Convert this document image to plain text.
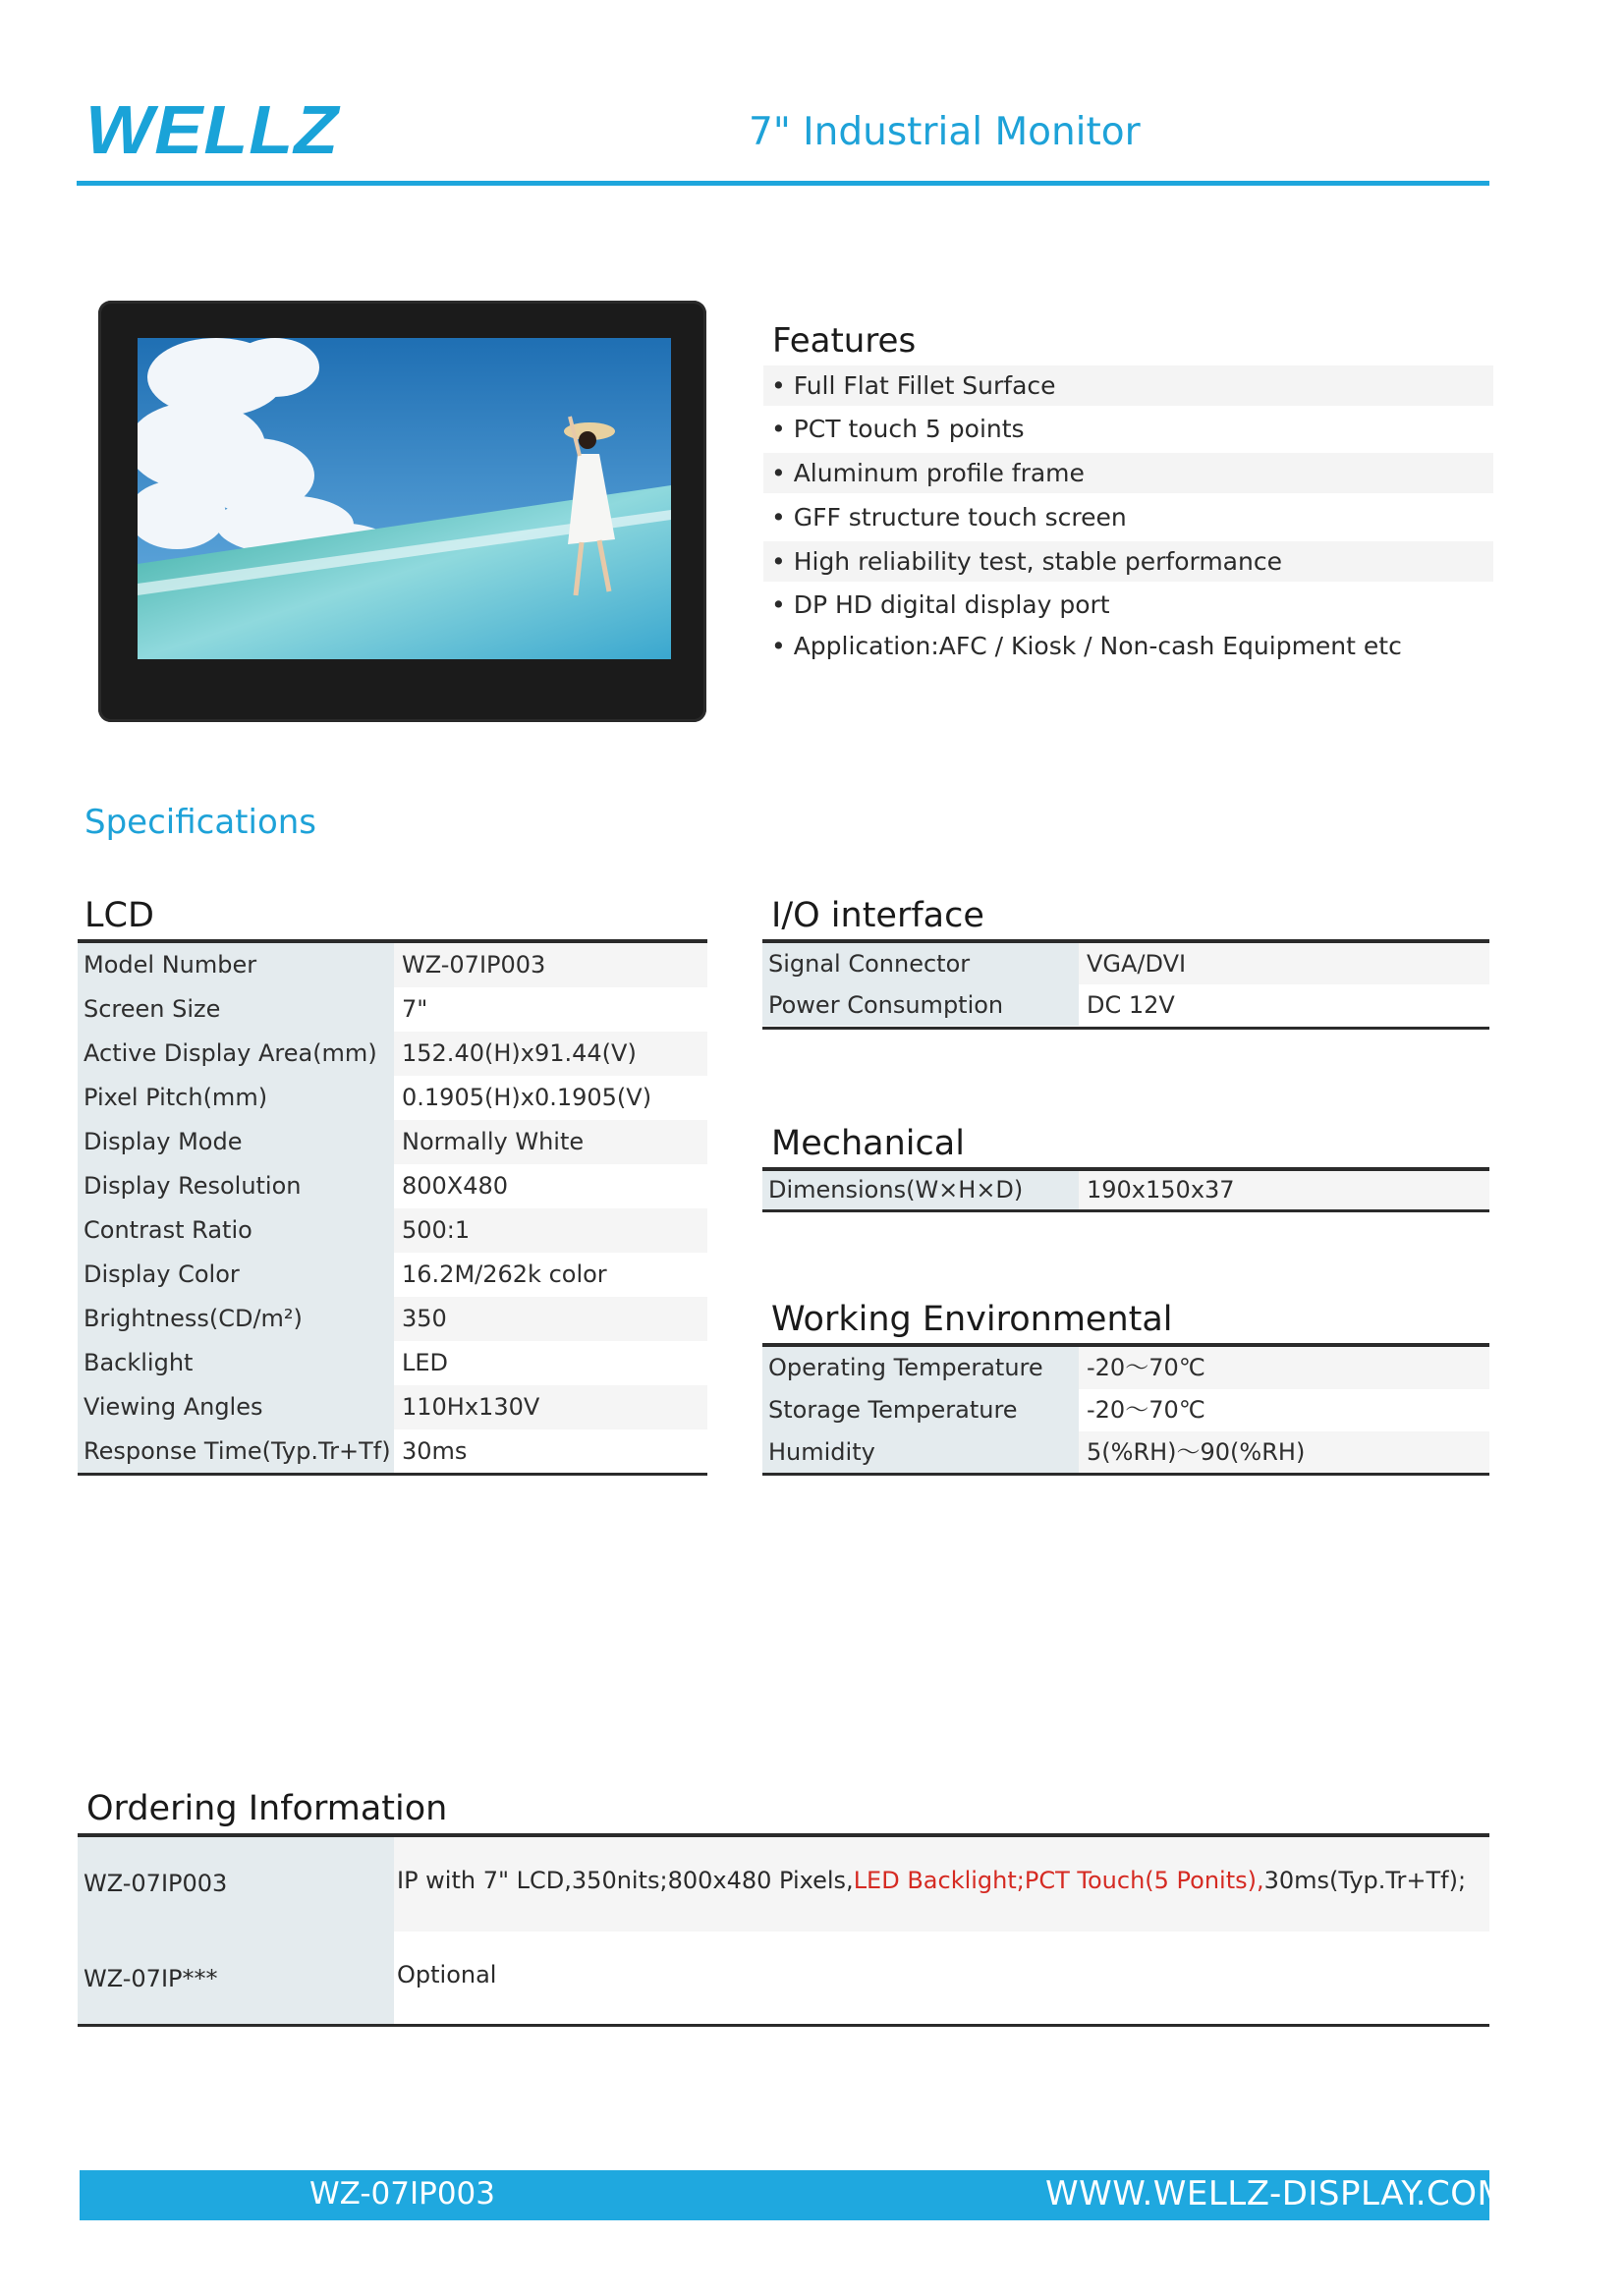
WELLZ	7" Industrial Monitor
Features
• Full Flat Fillet Surface
• PCT touch 5 points
• Aluminum profile frame
• GFF structure touch screen
• High reliability test, stable performance
• DP HD digital display port
• Application:AFC / Kiosk / Non-cash Equipment etc
Specifications
LCD
Model Number	WZ-07IP003
Screen Size	7"
Active Display Area(mm)	152.40(H)x91.44(V)
Pixel Pitch(mm)	0.1905(H)x0.1905(V)
Display Mode	Normally White
Display Resolution	800X480
Contrast Ratio	500:1
Display Color	16.2M/262k color
Brightness(CD/m²)	350
Backlight	LED
Viewing Angles	110Hx130V
Response Time(Typ.Tr+Tf) 30ms
I/O interface
Signal Connector	VGA/DVI
Power Consumption	DC 12V
Mechanical
Dimensions(W×H×D)	190x150x37
Working Environmental
Operating Temperature	-20～70℃
Storage Temperature	-20～70℃
Humidity	5(%RH)～90(%RH)
Ordering Information
WZ-07IP003	IP with 7" LCD,350nits;800x480 Pixels,LED Backlight;PCT Touch(5 Ponits),30ms(Typ.Tr+Tf);
WZ-07IP***	Optional
WZ-07IP003	WWW.WELLZ-DISPLAY.COM
